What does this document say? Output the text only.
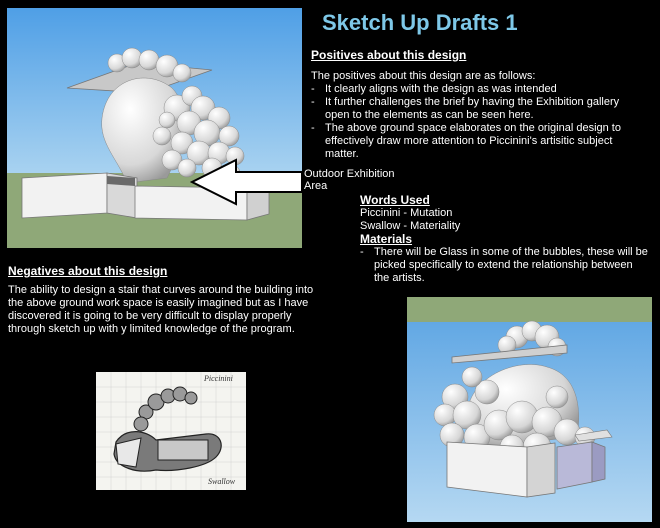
Sketch Up Drafts 1
Outdoor Exhibition
Area
Positives about this design

The positives about this design are as follows:

- It clearly aligns with the design as was intended
- It further challenges the brief by having the Exhibition gallery open to the elements as can be seen here.
- The above ground space elaborates on the original design to effectively draw more attention to Piccinini's artisitic subject matter.
Words Used
Piccinini - Mutation
Swallow - Materiality
Materials
- There will be Glass in some of the bubbles, these will be picked specifically to extend the relationship between the artists.
Negatives about this design
The ability to design a stair that curves around the building into the above ground work space is easily imagined but as I have discovered it is going to be very difficult to display properly through sketch up with y limited knowledge of the program.
Piccinini
Swallow
